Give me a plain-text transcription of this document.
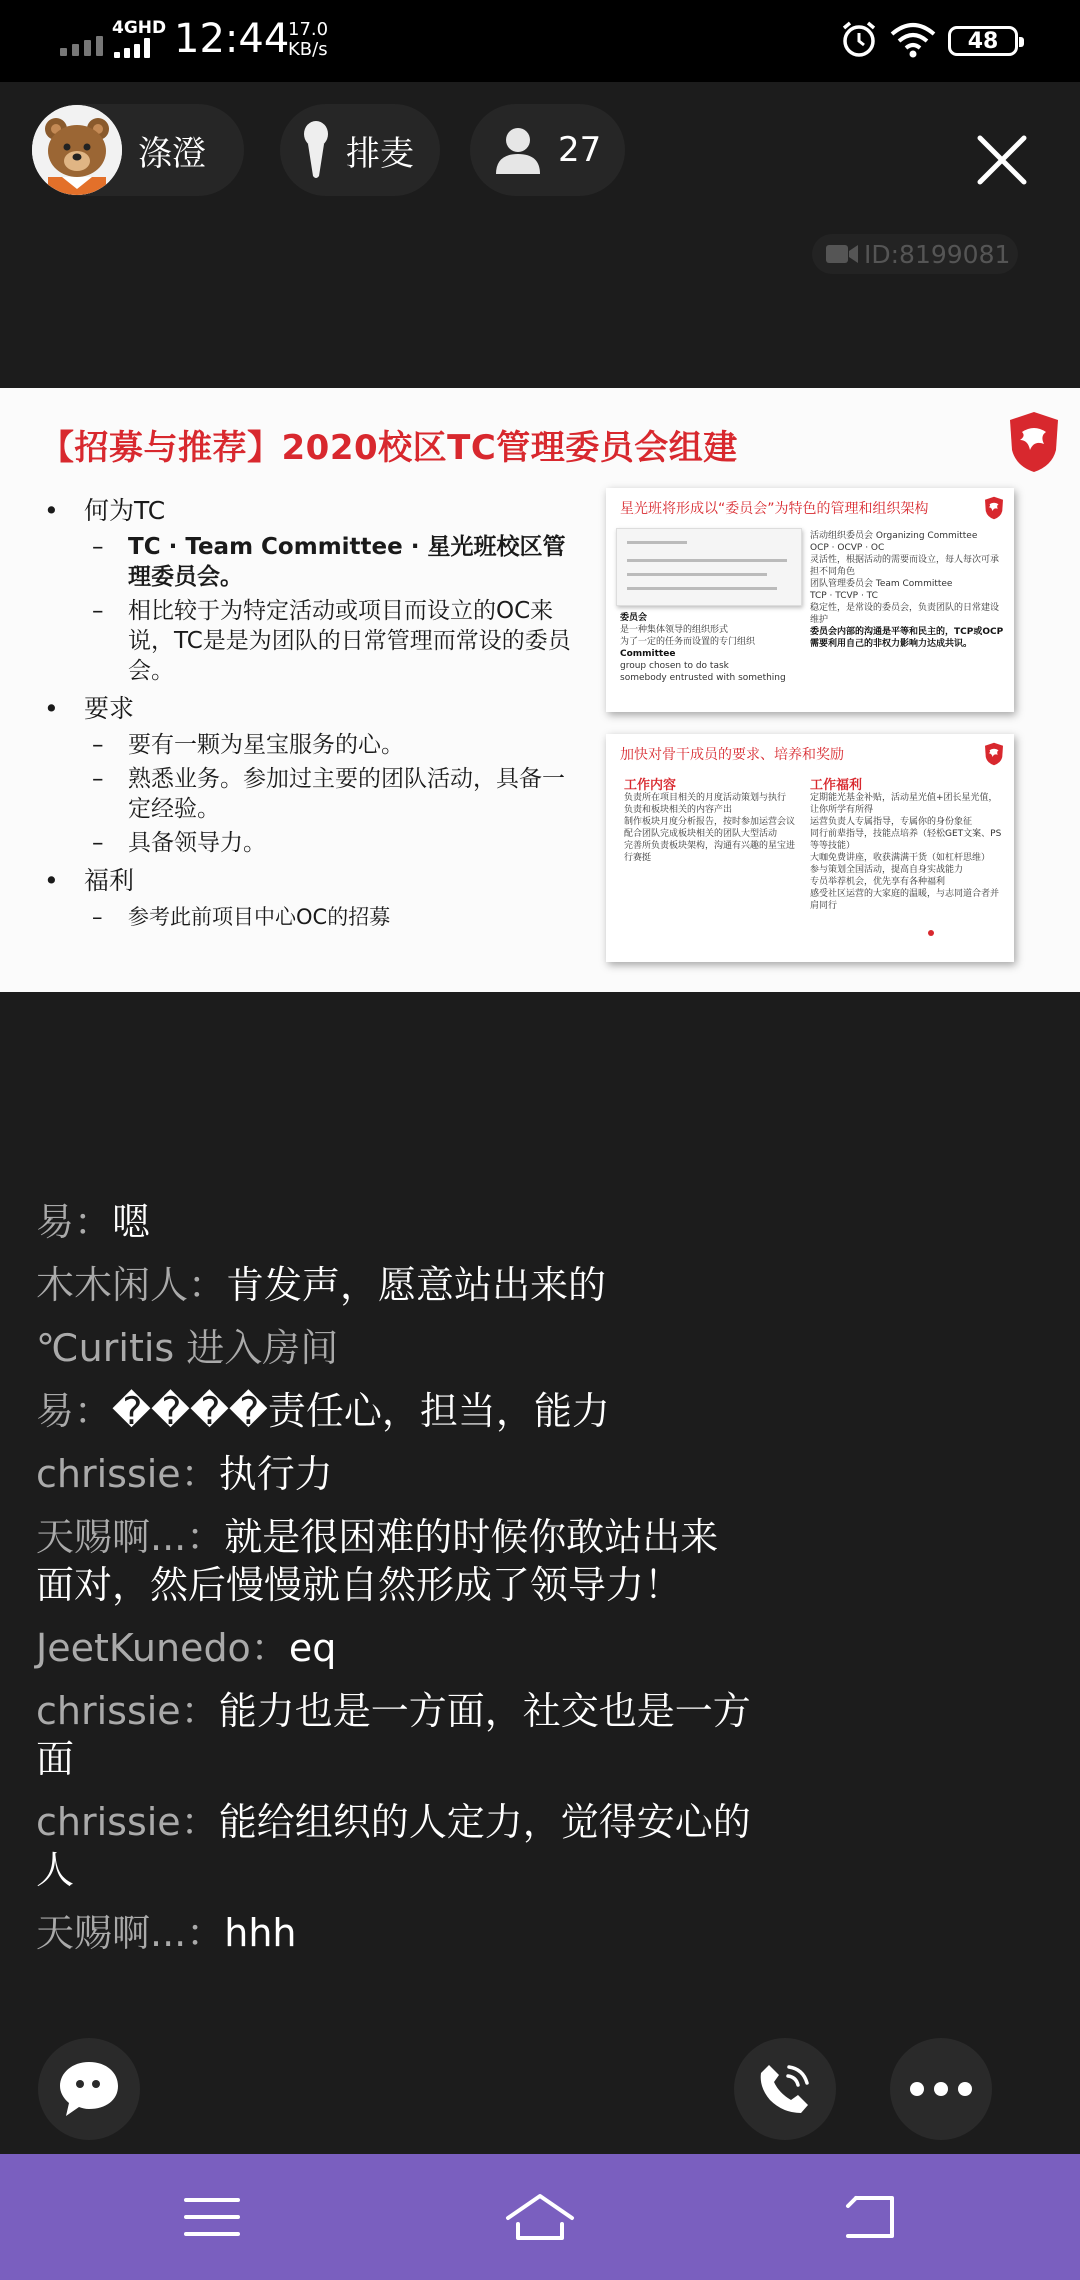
4GHD 12:44
17.0
KB/s	48
涤澄	排麦	27
ID:8199081
【招募与推荐】2020校区TC管理委员会组建
•	何为TC
–	TC · Team Committee · 星光班校区管理委员会。
–	相比较于为特定活动或项目而设立的OC来说，TC是是为团队的日常管理而常设的委员会。
•	要求
–	要有一颗为星宝服务的心。
–	熟悉业务。参加过主要的团队活动，具备一定经验。
–	具备领导力。
•	福利
–	参考此前项目中心OC的招募
星光班将形成以“委员会”为特色的管理和组织架构
委员会
是一种集体领导的组织形式
为了一定的任务而设置的专门组织
Committee
group chosen to do task
somebody entrusted with something
活动组织委员会 Organizing Committee
OCP · OCVP · OC
灵活性，根据活动的需要而设立，每人每次可承担不同角色
团队管理委员会 Team Committee
TCP · TCVP · TC
稳定性，是常设的委员会，负责团队的日常建设维护
委员会内部的沟通是平等和民主的，TCP或OCP需要利用自己的非权力影响力达成共识。
加快对骨干成员的要求、培养和奖励
工作内容	工作福利
负责所在项目相关的月度活动策划与执行
负责和板块相关的内容产出
制作板块月度分析报告，按时参加运营会议
配合团队完成板块相关的团队大型活动
完善所负责板块架构，沟通有兴趣的星宝进行赛挺
定期能光基金补贴，活动星光值+团长星光值，让你所学有所得
运营负责人专属指导，专属你的身份象征
同行前辈指导，技能点培养（轻松GET文案、PS等等技能）
大咖免费讲座，收获满满干货（如杠杆思维）
参与策划全国活动，提高自身实战能力
专员举荐机会，优先享有各种福利
感受社区运营的大家庭的温暖，与志同道合者并肩同行
易：嗯
木木闲人：肯发声，愿意站出来的
℃uritis 进入房间
易：����责任心，担当，能力
chrissie：执行力
天赐啊...：就是很困难的时候你敢站出来面对，然后慢慢就自然形成了领导力！
JeetKunedo：eq
chrissie：能力也是一方面，社交也是一方面
chrissie：能给组织的人定力，觉得安心的人
天赐啊...：hhh
